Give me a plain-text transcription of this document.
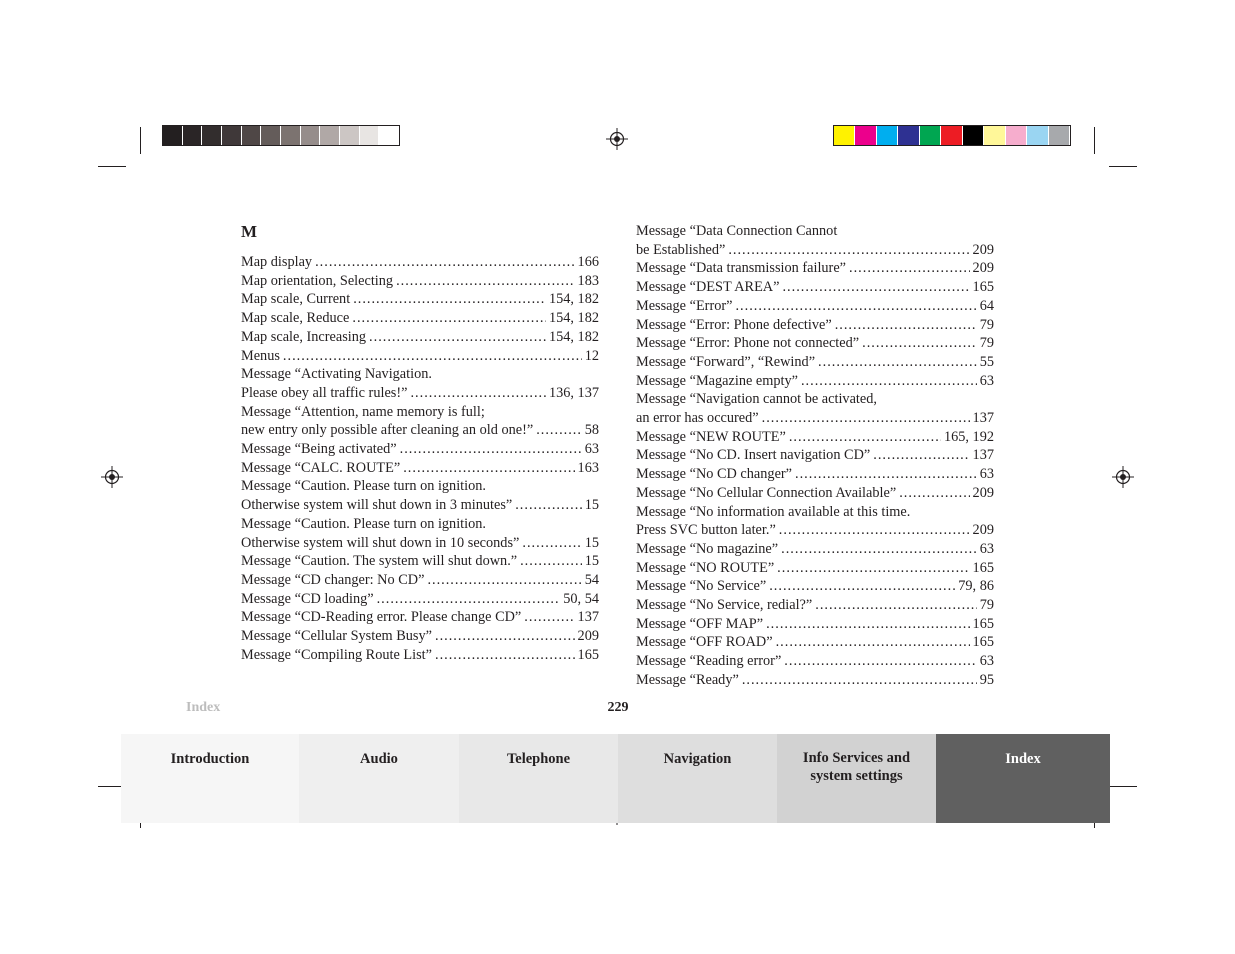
M
Map display .....	166
Map orientation, Selecting .....	183
Map scale, Current .....	154, 182
Map scale, Reduce .....	154, 182
Map scale, Increasing .....	154, 182
Menus .....	12
Message “Activating Navigation.
Please obey all traffic rules!” .....	136, 137
Message “Attention, name memory is full;
new entry only possible after cleaning an old one!” .....	58
Message “Being activated” .....	63
Message “CALC. ROUTE” .....	163
Message “Caution. Please turn on ignition.
Otherwise system will shut down in 3 minutes” .....	15
Message “Caution. Please turn on ignition.
Otherwise system will shut down in 10 seconds” .....	15
Message “Caution. The system will shut down.” .....	15
Message “CD changer: No CD” .....	54
Message “CD loading” .....	50, 54
Message “CD-Reading error. Please change CD” .....	137
Message “Cellular System Busy” .....	209
Message “Compiling Route List” .....	165
Message “Data Connection Cannot
be Established” .....	209
Message “Data transmission failure” .....	209
Message “DEST AREA” .....	165
Message “Error” .....	64
Message “Error: Phone defective” .....	79
Message “Error: Phone not connected” .....	79
Message “Forward”, “Rewind” .....	55
Message “Magazine empty” .....	63
Message “Navigation cannot be activated,
an error has occured” .....	137
Message “NEW ROUTE” .....	165, 192
Message “No CD. Insert navigation CD” .....	137
Message “No CD changer” .....	63
Message “No Cellular Connection Available” .....	209
Message “No information available at this time.
Press SVC button later.” .....	209
Message “No magazine” .....	63
Message “NO ROUTE” .....	165
Message “No Service” .....	79, 86
Message “No Service, redial?” .....	79
Message “OFF MAP” .....	165
Message “OFF ROAD” .....	165
Message “Reading error” .....	63
Message “Ready” .....	95
Index	229
Introduction	Audio	Telephone	Navigation	Info Services and
system settings
Index
